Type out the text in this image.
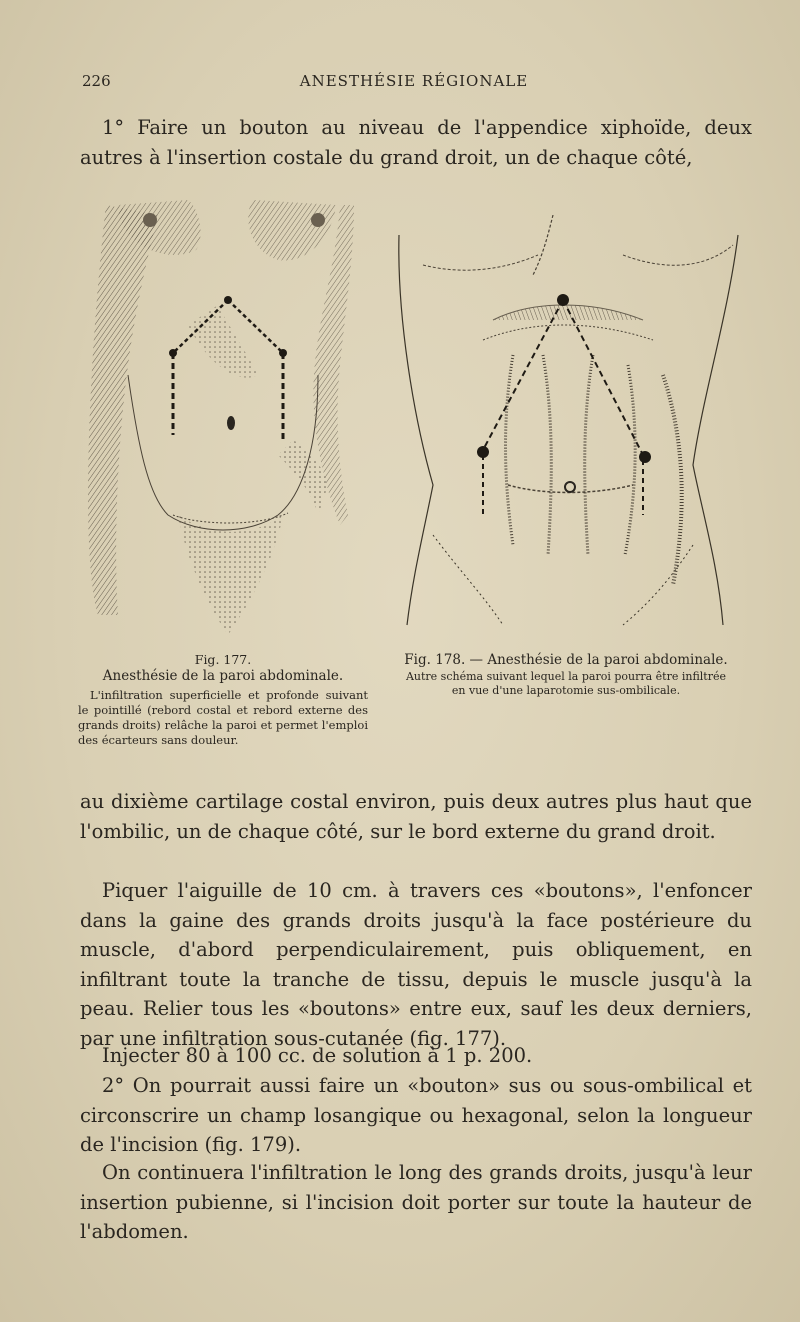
226	ANESTHÉSIE RÉGIONALE

1° Faire un bouton au niveau de l'appendice xiphoïde, deux autres à l'insertion costale du grand droit, un de chaque côté,

Fig. 177.

Anesthésie de la paroi abdominale.

L'infiltration superficielle et profonde suivant le pointillé (rebord costal et rebord externe des grands droits) relâche la paroi et permet l'emploi des écarteurs sans douleur.

Fig. 178. — Anesthésie de la paroi abdominale.

Autre schéma suivant lequel la paroi pourra être infiltrée

en vue d'une laparotomie sus-ombilicale.

au dixième cartilage costal environ, puis deux autres plus haut que l'ombilic, un de chaque côté, sur le bord externe du grand droit.

Piquer l'aiguille de 10 cm. à travers ces «boutons», l'enfoncer dans la gaine des grands droits jusqu'à la face postérieure du muscle, d'abord perpendiculairement, puis obliquement, en infiltrant toute la tranche de tissu, depuis le muscle jusqu'à la peau. Relier tous les «boutons» entre eux, sauf les deux derniers, par une infiltration sous-cutanée (fig. 177).

Injecter 80 à 100 cc. de solution à 1 p. 200.

2° On pourrait aussi faire un «bouton» sus ou sous-ombilical et circonscrire un champ losangique ou hexagonal, selon la longueur de l'incision (fig. 179).

On continuera l'infiltration le long des grands droits, jusqu'à leur insertion pubienne, si l'incision doit porter sur toute la hauteur de l'abdomen.
